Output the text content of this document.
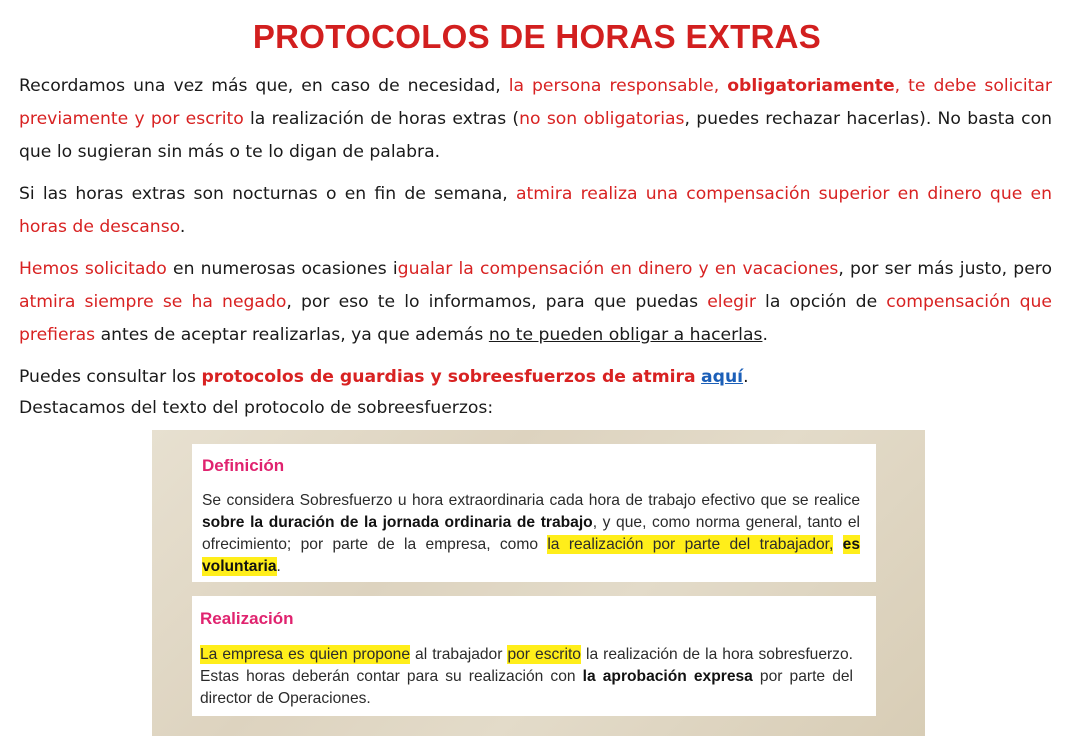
PROTOCOLOS DE HORAS EXTRAS

Recordamos una vez más que, en caso de necesidad, la persona responsable, obligatoriamente, te debe solicitar previamente y por escrito la realización de horas extras (no son obligatorias, puedes rechazar hacerlas). No basta con que lo sugieran sin más o te lo digan de palabra.

Si las horas extras son nocturnas o en fin de semana, atmira realiza una compensación superior en dinero que en horas de descanso.

Hemos solicitado en numerosas ocasiones igualar la compensación en dinero y en vacaciones, por ser más justo, pero atmira siempre se ha negado, por eso te lo informamos, para que puedas elegir la opción de compensación que prefieras antes de aceptar realizarlas, ya que además no te pueden obligar a hacerlas.

Puedes consultar los protocolos de guardias y sobreesfuerzos de atmira aquí.
Destacamos del texto del protocolo de sobreesfuerzos:

Definición
Se considera Sobresfuerzo u hora extraordinaria cada hora de trabajo efectivo que se realice sobre la duración de la jornada ordinaria de trabajo, y que, como norma general, tanto el ofrecimiento; por parte de la empresa, como la realización por parte del trabajador, es voluntaria.
Realización
La empresa es quien propone al trabajador por escrito la realización de la hora sobresfuerzo. Estas horas deberán contar para su realización con la aprobación expresa por parte del director de Operaciones.
